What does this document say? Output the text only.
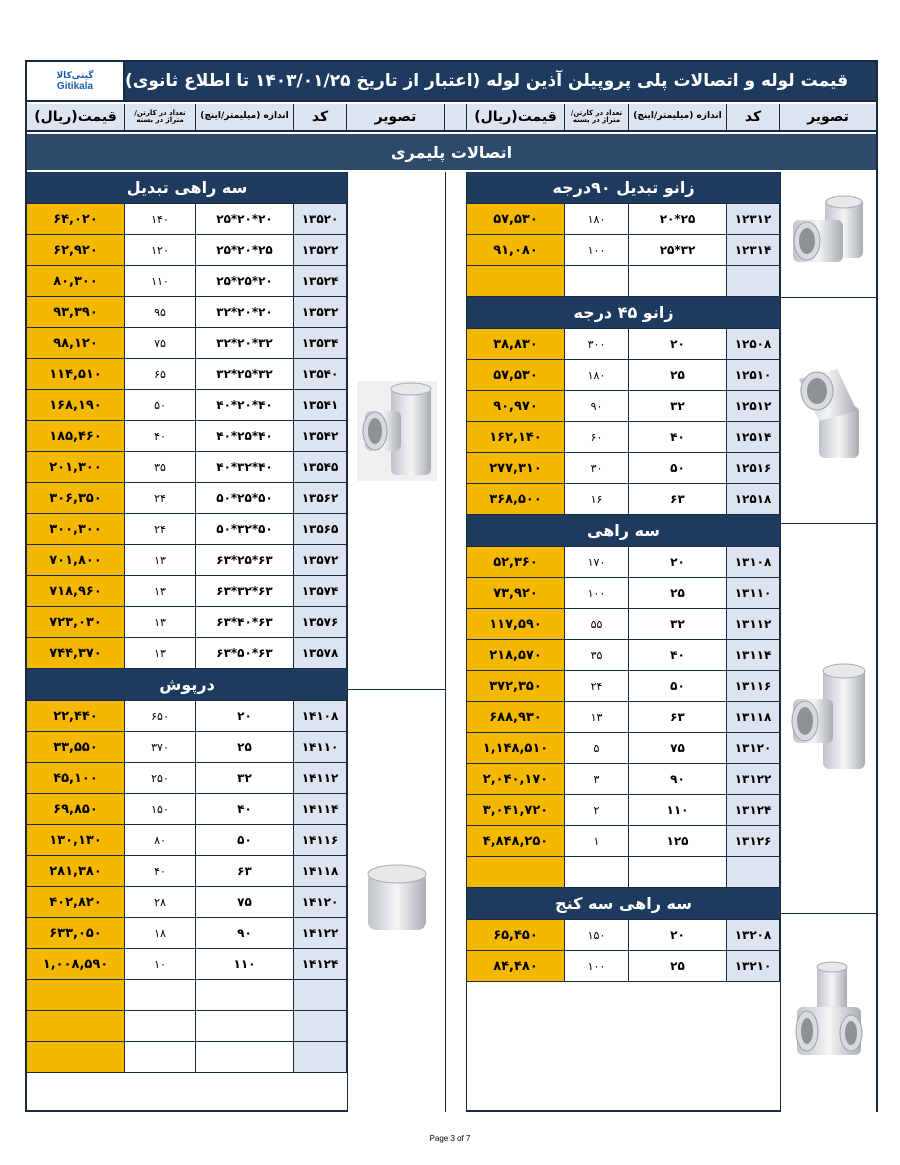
گیتی‌کالا
Gitikala قیمت لوله و اتصالات پلی پروپیلن آذین لوله (اعتبار از تاریخ ۱۴۰۳/۰۱/۲۵ تا اطلاع ثانوی)
قیمت(ریال)	تعداد در کارتن/ متراژ در بسته	اندازه (میلیمتر/اینچ)	کد	تصویر	قیمت(ریال)	تعداد در کارتن/ متراژ در بسته	اندازه (میلیمتر/اینچ)	کد	تصویر
اتصالات پلیمری
زانو تبدیل ۹۰درجه
۵۷,۵۳۰	۱۸۰	۲۰*۲۵	۱۲۳۱۲
۹۱,۰۸۰	۱۰۰	۲۵*۳۲	۱۲۳۱۴
زانو ۴۵ درجه
۳۸,۸۳۰	۳۰۰	۲۰	۱۲۵۰۸
۵۷,۵۳۰	۱۸۰	۲۵	۱۲۵۱۰
۹۰,۹۷۰	۹۰	۳۲	۱۲۵۱۲
۱۶۲,۱۴۰	۶۰	۴۰	۱۲۵۱۴
۲۷۷,۳۱۰	۳۰	۵۰	۱۲۵۱۶
۳۶۸,۵۰۰	۱۶	۶۳	۱۲۵۱۸
سه راهی
۵۲,۳۶۰	۱۷۰	۲۰	۱۳۱۰۸
۷۳,۹۲۰	۱۰۰	۲۵	۱۳۱۱۰
۱۱۷,۵۹۰	۵۵	۳۲	۱۳۱۱۲
۲۱۸,۵۷۰	۳۵	۴۰	۱۳۱۱۴
۳۷۲,۳۵۰	۲۴	۵۰	۱۳۱۱۶
۶۸۸,۹۳۰	۱۳	۶۳	۱۳۱۱۸
۱,۱۴۸,۵۱۰	۵	۷۵	۱۳۱۲۰
۲,۰۴۰,۱۷۰	۳	۹۰	۱۳۱۲۲
۳,۰۴۱,۷۲۰	۲	۱۱۰	۱۳۱۲۴
۴,۸۴۸,۲۵۰	۱	۱۲۵	۱۳۱۲۶
سه راهی سه کنج
۶۵,۴۵۰	۱۵۰	۲۰	۱۳۲۰۸
۸۴,۴۸۰	۱۰۰	۲۵	۱۳۲۱۰
سه راهی تبدیل
۶۴,۰۲۰	۱۴۰	۲۵*۲۰*۲۰	۱۳۵۲۰
۶۲,۹۲۰	۱۲۰	۲۵*۲۰*۲۵	۱۳۵۲۲
۸۰,۳۰۰	۱۱۰	۲۵*۲۵*۲۰	۱۳۵۲۴
۹۳,۳۹۰	۹۵	۳۲*۲۰*۲۰	۱۳۵۳۲
۹۸,۱۲۰	۷۵	۳۲*۲۰*۳۲	۱۳۵۳۴
۱۱۴,۵۱۰	۶۵	۳۲*۲۵*۳۲	۱۳۵۴۰
۱۶۸,۱۹۰	۵۰	۴۰*۲۰*۴۰	۱۳۵۴۱
۱۸۵,۴۶۰	۴۰	۴۰*۲۵*۴۰	۱۳۵۴۲
۲۰۱,۳۰۰	۳۵	۴۰*۳۲*۴۰	۱۳۵۴۵
۳۰۶,۳۵۰	۲۴	۵۰*۲۵*۵۰	۱۳۵۶۲
۳۰۰,۳۰۰	۲۴	۵۰*۳۲*۵۰	۱۳۵۶۵
۷۰۱,۸۰۰	۱۳	۶۳*۲۵*۶۳	۱۳۵۷۲
۷۱۸,۹۶۰	۱۳	۶۳*۳۲*۶۳	۱۳۵۷۴
۷۲۳,۰۳۰	۱۳	۶۳*۴۰*۶۳	۱۳۵۷۶
۷۴۴,۳۷۰	۱۳	۶۳*۵۰*۶۳	۱۳۵۷۸
درپوش
۲۲,۴۴۰	۶۵۰	۲۰	۱۴۱۰۸
۳۳,۵۵۰	۳۷۰	۲۵	۱۴۱۱۰
۴۵,۱۰۰	۲۵۰	۳۲	۱۴۱۱۲
۶۹,۸۵۰	۱۵۰	۴۰	۱۴۱۱۴
۱۳۰,۱۳۰	۸۰	۵۰	۱۴۱۱۶
۲۸۱,۳۸۰	۴۰	۶۳	۱۴۱۱۸
۴۰۲,۸۲۰	۲۸	۷۵	۱۴۱۲۰
۶۳۳,۰۵۰	۱۸	۹۰	۱۴۱۲۲
۱,۰۰۸,۵۹۰	۱۰	۱۱۰	۱۴۱۲۴
Page 3 of 7
